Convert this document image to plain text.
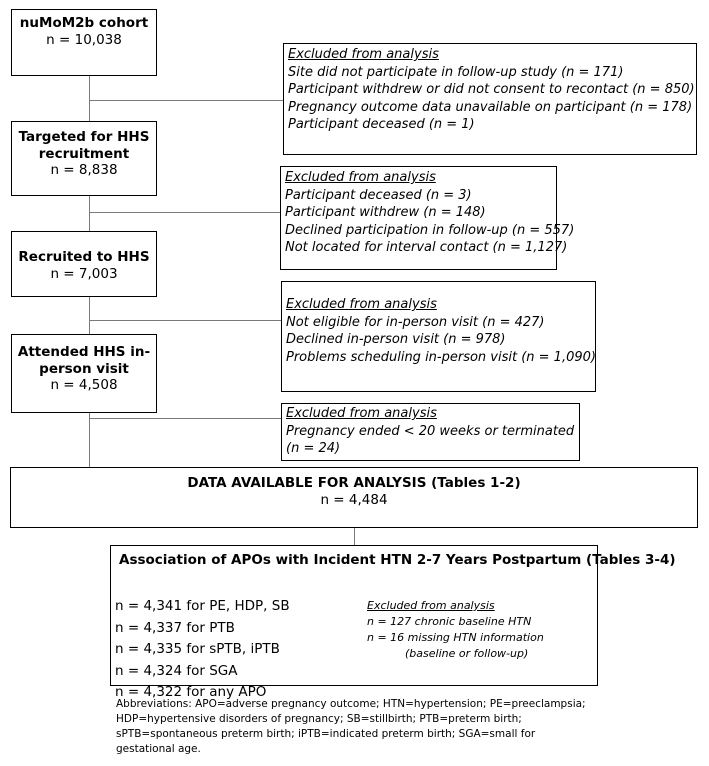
nuMoM2b cohort
n = 10,038
Targeted for HHS recruitment
n = 8,838
Recruited to HHS
n = 7,003
Attended HHS in-person visit
n = 4,508
Excluded from analysis
Site did not participate in follow-up study (n = 171)
Participant withdrew or did not consent to recontact (n = 850)
Pregnancy outcome data unavailable on participant (n = 178)
Participant deceased (n = 1)
Excluded from analysis
Participant deceased (n = 3)
Participant withdrew (n = 148)
Declined participation in follow-up (n = 557)
Not located for interval contact (n = 1,127)
Excluded from analysis
Not eligible for in-person visit (n = 427)
Declined in-person visit (n = 978)
Problems scheduling in-person visit (n = 1,090)
Excluded from analysis
Pregnancy ended < 20 weeks or terminated
(n = 24)
DATA AVAILABLE FOR ANALYSIS (Tables 1-2)
n = 4,484
Association of APOs with Incident HTN 2-7 Years Postpartum (Tables 3-4)
n = 4,341 for PE, HDP, SB
n = 4,337 for PTB
n = 4,335 for sPTB, iPTB
n = 4,324 for SGA
n = 4,322 for any APO
Excluded from analysis
n = 127 chronic baseline HTN
n = 16 missing HTN information
(baseline or follow-up)
Abbreviations: APO=adverse pregnancy outcome; HTN=hypertension; PE=preeclampsia; HDP=hypertensive disorders of pregnancy; SB=stillbirth; PTB=preterm birth; sPTB=spontaneous preterm birth; iPTB=indicated preterm birth; SGA=small for gestational age.
